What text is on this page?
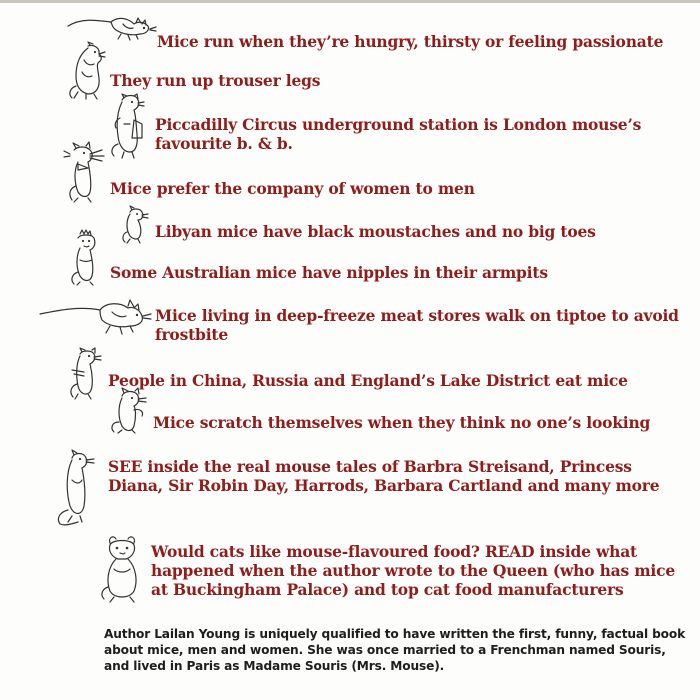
Mice run when they’re hungry, thirsty or feeling passionate

They run up trouser legs

Piccadilly Circus underground station is London mouse’s favourite b. & b.

Mice prefer the company of women to men

Libyan mice have black moustaches and no big toes

Some Australian mice have nipples in their armpits

Mice living in deep-freeze meat stores walk on tiptoe to avoid frostbite

People in China, Russia and England’s Lake District eat mice

Mice scratch themselves when they think no one’s looking

SEE inside the real mouse tales of Barbra Streisand, Princess Diana, Sir Robin Day, Harrods, Barbara Cartland and many more

Would cats like mouse-flavoured food? READ inside what happened when the author wrote to the Queen (who has mice at Buckingham Palace) and top cat food manufacturers

Author Lailan Young is uniquely qualified to have written the first, funny, factual book about mice, men and women. She was once married to a Frenchman named Souris, and lived in Paris as Madame Souris (Mrs. Mouse).
